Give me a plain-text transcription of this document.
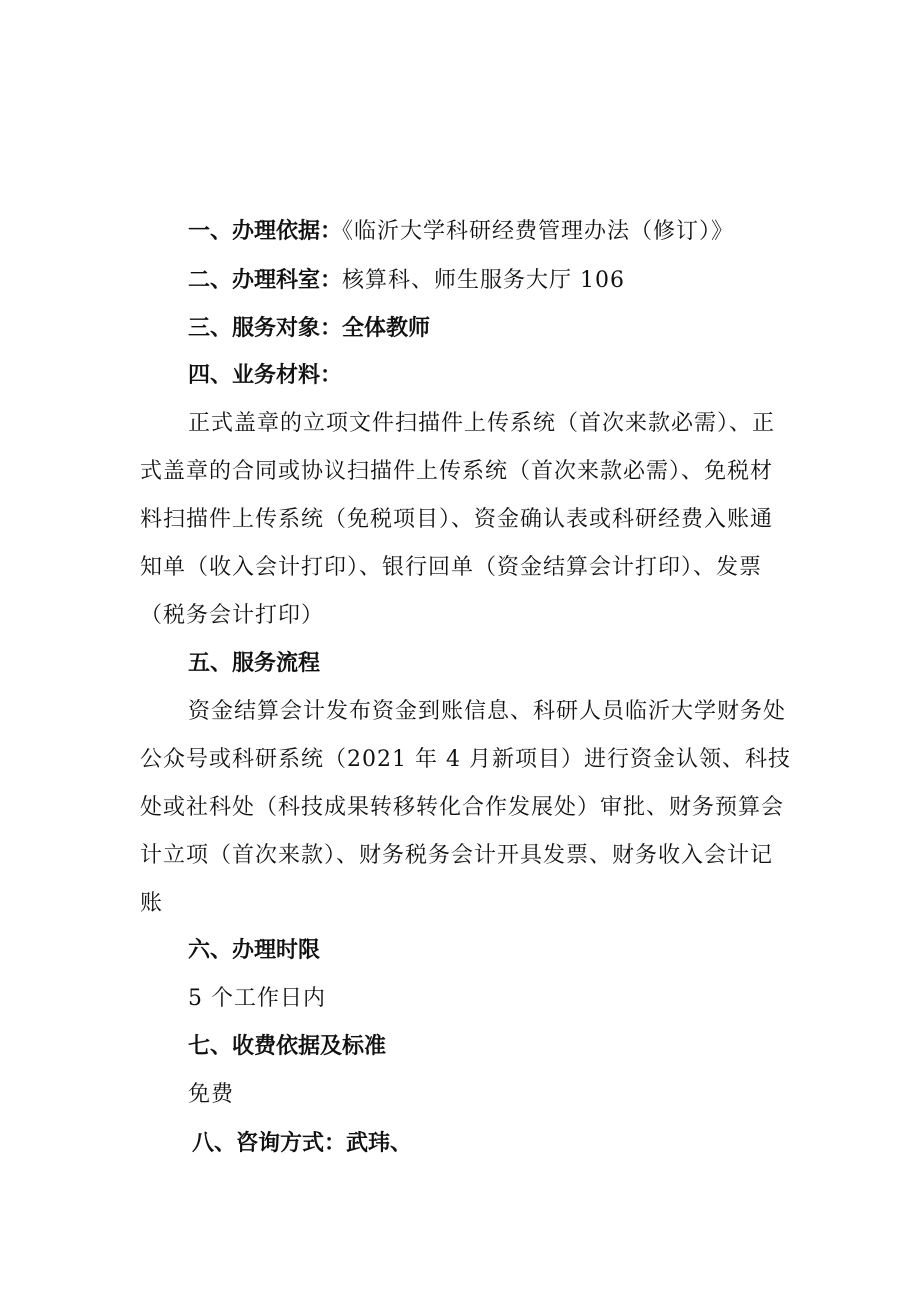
一、办理依据：《临沂大学科研经费管理办法（修订）》
二、办理科室：核算科、师生服务大厅 106
三、服务对象：全体教师
四、业务材料：
正式盖章的立项文件扫描件上传系统（首次来款必需）、正
式盖章的合同或协议扫描件上传系统（首次来款必需）、免税材
料扫描件上传系统（免税项目）、资金确认表或科研经费入账通
知单（收入会计打印）、银行回单（资金结算会计打印）、发票
（税务会计打印）
五、服务流程
资金结算会计发布资金到账信息、科研人员临沂大学财务处
公众号或科研系统（2021 年 4 月新项目）进行资金认领、科技
处或社科处（科技成果转移转化合作发展处）审批、财务预算会
计立项（首次来款）、财务税务会计开具发票、财务收入会计记
账
六、办理时限
5 个工作日内
七、收费依据及标准
免费
八、咨询方式：武玮、
